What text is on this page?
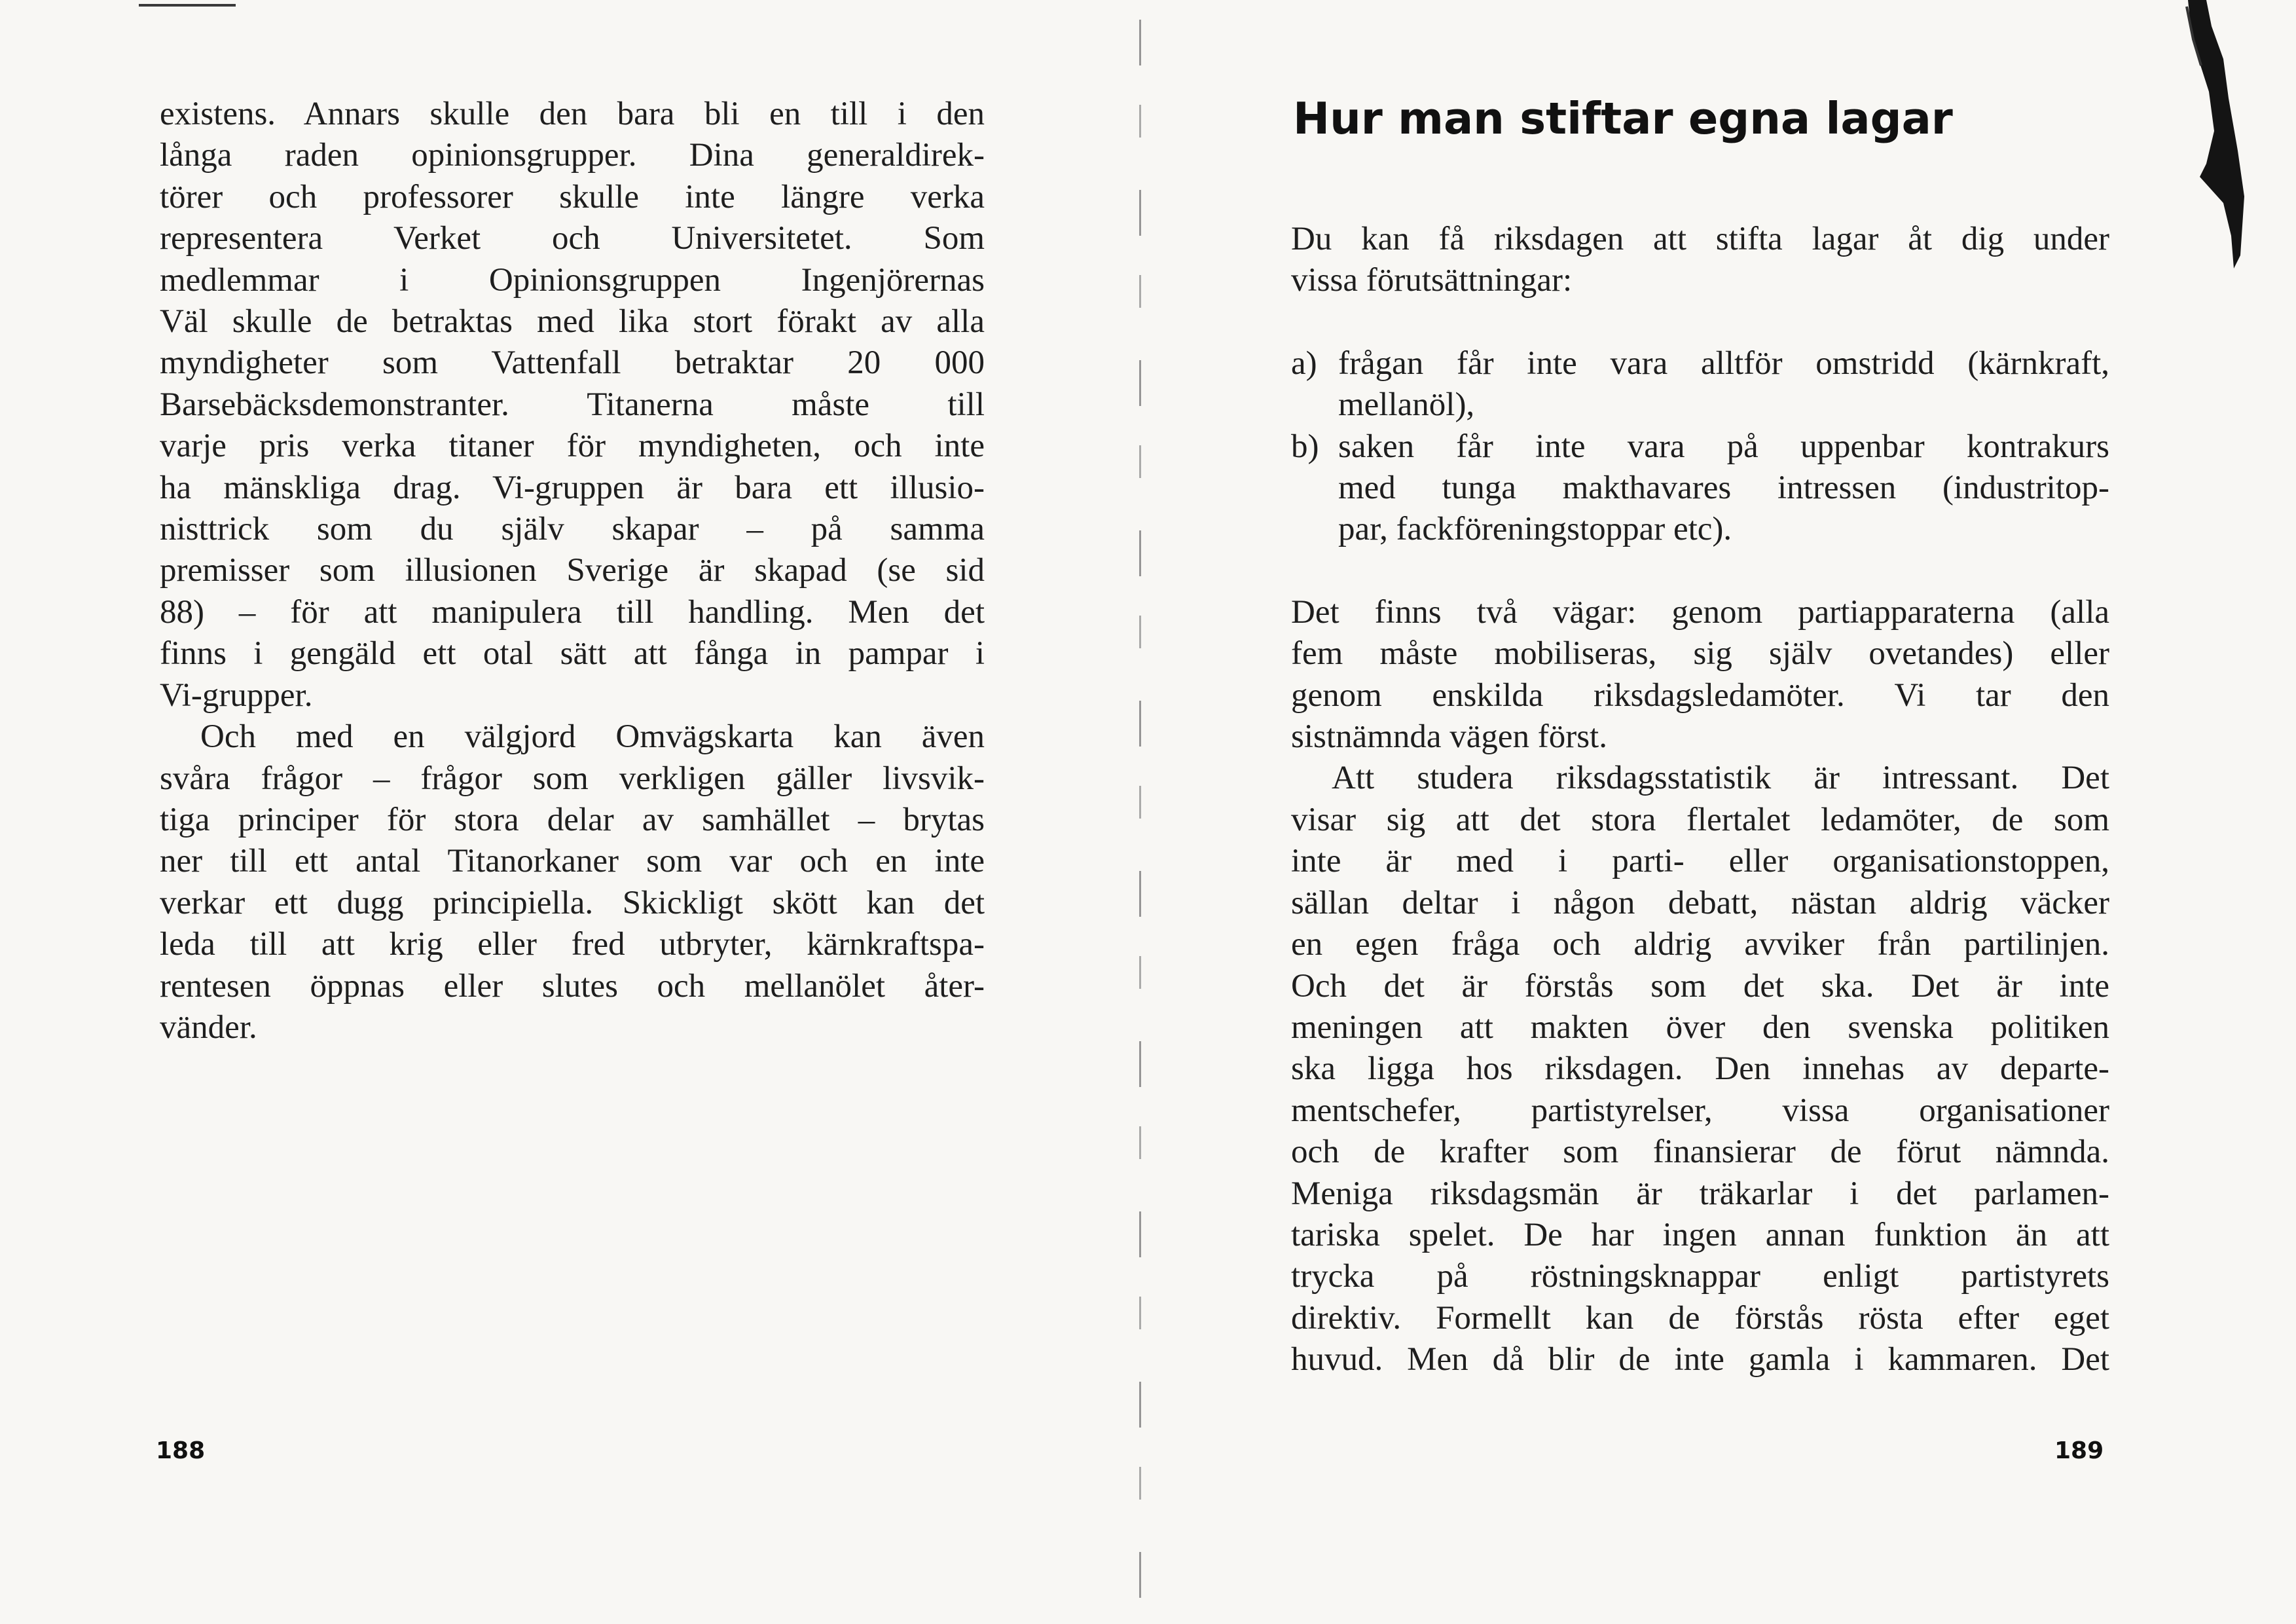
existens. Annars skulle den bara bli en till i den
långa raden opinionsgrupper. Dina generaldirek-
törer och professorer skulle inte längre verka
representera Verket och Universitetet. Som
medlemmar i Opinionsgruppen Ingenjörernas
Väl skulle de betraktas med lika stort förakt av alla
myndigheter som Vattenfall betraktar 20 000
Barsebäcksdemonstranter. Titanerna måste till
varje pris verka titaner för myndigheten, och inte
ha mänskliga drag. Vi-gruppen är bara ett illusio-
nisttrick som du själv skapar – på samma
premisser som illusionen Sverige är skapad (se sid
88) – för att manipulera till handling. Men det
finns i gengäld ett otal sätt att fånga in pampar i
Vi-grupper.
Och med en välgjord Omvägskarta kan även
svåra frågor – frågor som verkligen gäller livsvik-
tiga principer för stora delar av samhället – brytas
ner till ett antal Titanorkaner som var och en inte
verkar ett dugg principiella. Skickligt skött kan det
leda till att krig eller fred utbryter, kärnkraftspa-
rentesen öppnas eller slutes och mellanölet åter-
vänder.
188
Hur man stiftar egna lagar
Du kan få riksdagen att stifta lagar åt dig under
vissa förutsättningar:
a) frågan får inte vara alltför omstridd (kärnkraft,
mellanöl),
b) saken får inte vara på uppenbar kontrakurs
med tunga makthavares intressen (industritop-
par, fackföreningstoppar etc).
Det finns två vägar: genom partiapparaterna (alla
fem måste mobiliseras, sig själv ovetandes) eller
genom enskilda riksdagsledamöter. Vi tar den
sistnämnda vägen först.
Att studera riksdagsstatistik är intressant. Det
visar sig att det stora flertalet ledamöter, de som
inte är med i parti- eller organisationstoppen,
sällan deltar i någon debatt, nästan aldrig väcker
en egen fråga och aldrig avviker från partilinjen.
Och det är förstås som det ska. Det är inte
meningen att makten över den svenska politiken
ska ligga hos riksdagen. Den innehas av departe-
mentschefer, partistyrelser, vissa organisationer
och de krafter som finansierar de förut nämnda.
Meniga riksdagsmän är träkarlar i det parlamen-
tariska spelet. De har ingen annan funktion än att
trycka på röstningsknappar enligt partistyrets
direktiv. Formellt kan de förstås rösta efter eget
huvud. Men då blir de inte gamla i kammaren. Det
189
